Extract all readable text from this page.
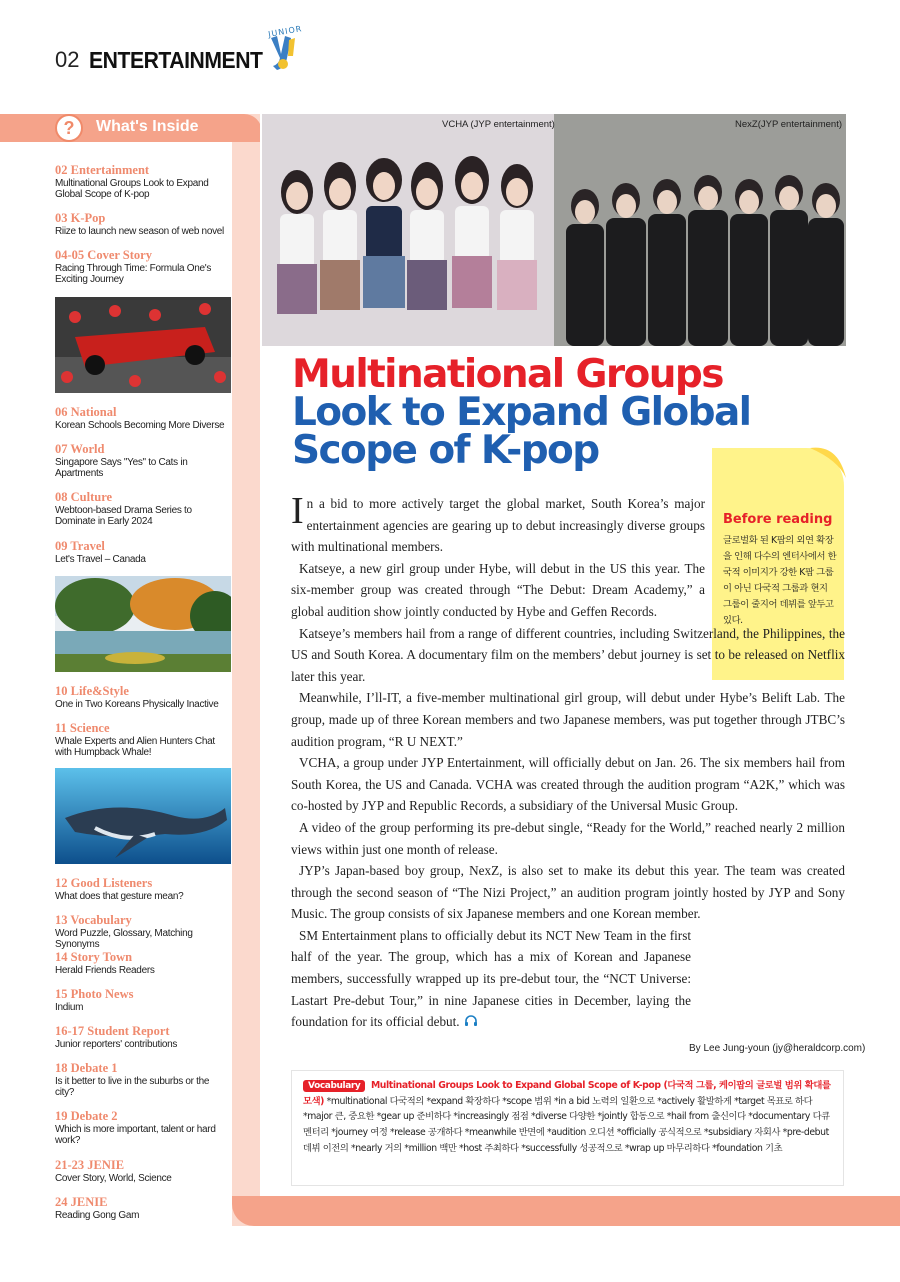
02 ENTERTAINMENT
JUNIOR
?	What's Inside
02 Entertainment
Multinational Groups Look to Expand Global Scope of K-pop
03 K-Pop
Riize to launch new season of web novel
04-05 Cover Story
Racing Through Time: Formula One's Exciting Journey
06 National
Korean Schools Becoming More Diverse
07 World
Singapore Says "Yes" to Cats in Apartments
08 Culture
Webtoon-based Drama Series to Dominate in Early 2024
09 Travel
Let's Travel – Canada
10 Life&Style
One in Two Koreans Physically Inactive
11 Science
Whale Experts and Alien Hunters Chat with Humpback Whale!
12 Good Listeners
What does that gesture mean?
13 Vocabulary
Word Puzzle, Glossary, Matching Synonyms
14 Story Town
Herald Friends Readers
15 Photo News
Indium
16-17 Student Report
Junior reporters' contributions
18 Debate 1
Is it better to live in the suburbs or the city?
19 Debate 2
Which is more important, talent or hard work?
21-23 JENIE
Cover Story, World, Science
24 JENIE
Reading Gong Gam
VCHA (JYP entertainment)	NexZ(JYP entertainment)
Multinational Groups Look to Expand Global Scope of K-pop
Before reading
글로벌화 된 K팝의 외연 확장을 인해 다수의 엔터사에서 한국적 이미지가 강한 K팝 그룹이 아닌 다국적 그룹과 현지 그룹이 줄지어 데뷔를 앞두고 있다.

In a bid to more actively target the global market, South Korea’s major entertainment agencies are gearing up to debut increasingly diverse groups with multinational members.

Katseye, a new girl group under Hybe, will debut in the US this year. The six-member group was created through “The Debut: Dream Academy,” a global audition show jointly conducted by Hybe and Geffen Records.

Katseye’s members hail from a range of different countries, including Switzerland, the Philippines, the US and South Korea. A documentary film on the members’ debut journey is set to be released on Netflix later this year.

Meanwhile, I’ll-IT, a five-member multinational girl group, will debut under Hybe’s Belift Lab. The group, made up of three Korean members and two Japanese members, was put together through JTBC’s audition program, “R U NEXT.”

VCHA, a group under JYP Entertainment, will officially debut on Jan. 26. The six members hail from South Korea, the US and Canada. VCHA was created through the audition program “A2K,” which was co-hosted by JYP and Republic Records, a subsidiary of the Universal Music Group.

A video of the group performing its pre-debut single, “Ready for the World,” reached nearly 2 million views within just one month of release.

JYP’s Japan-based boy group, NexZ, is also set to make its debut this year. The team was created through the second season of “The Nizi Project,” an audition program jointly hosted by JYP and Sony Music. The group consists of six Japanese members and one Korean member.

SM Entertainment plans to officially debut its NCT New Team in the first half of the year. The group, which has a mix of Korean and Japanese members, successfully wrapped up its pre-debut tour, the “NCT Universe: Lastart Pre-debut Tour,” in nine Japanese cities in December, laying the foundation for its official debut.

By Lee Jung-youn (jy@heraldcorp.com)
Vocabulary Multinational Groups Look to Expand Global Scope of K-pop (다국적 그룹, 케이팝의 글로벌 범위 확대를 모색) *multinational 다국적의 *expand 확장하다 *scope 범위 *in a bid 노력의 일환으로 *actively 활발하게 *target 목표로 하다 *major 큰, 중요한 *gear up 준비하다 *increasingly 점점 *diverse 다양한 *jointly 합동으로 *hail from 출신이다 *documentary 다큐멘터리 *journey 여정 *release 공개하다 *meanwhile 반면에 *audition 오디션 *officially 공식적으로 *subsidiary 자회사 *pre-debut 데뷔 이전의 *nearly 거의 *million 백만 *host 주최하다 *successfully 성공적으로 *wrap up 마무리하다 *foundation 기초
